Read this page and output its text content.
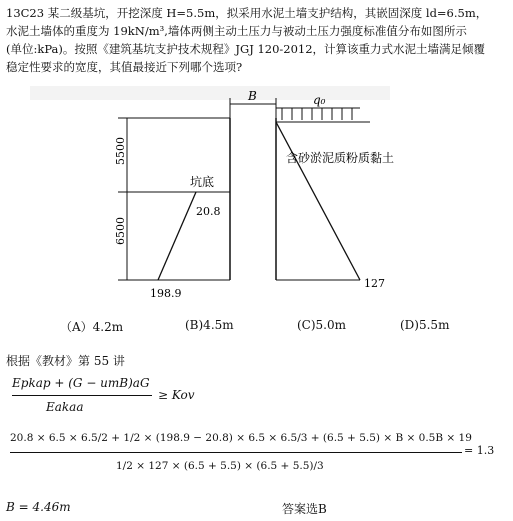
13C23 某二级基坑，开挖深度 H=5.5m，拟采用水泥土墙支护结构，其嵌固深度 ld=6.5m，

水泥土墙体的重度为 19kN/m³,墙体两侧主动土压力与被动土压力强度标准值分布如图所示

(单位:kPa)。按照《建筑基坑支护技术规程》JGJ 120-2012，计算该重力式水泥土墙满足倾覆

稳定性要求的宽度，其值最接近下列哪个选项?

5500
6500
B	q₀
127
20.8
198.9
坑底
含砂淤泥质粉质黏土
（A）4.2m	(B)4.5m	(C)5.0m	(D)5.5m
根据《教材》第 55 讲
Epkap + (G − umB)aG
Eakaa
≥ Kov
20.8 × 6.5 × 6.5/2 + 1/2 × (198.9 − 20.8) × 6.5 × 6.5/3 + (6.5 + 5.5) × B × 0.5B × 19
1/2 × 127 × (6.5 + 5.5) × (6.5 + 5.5)/3
= 1.3
B = 4.46m	答案选B
